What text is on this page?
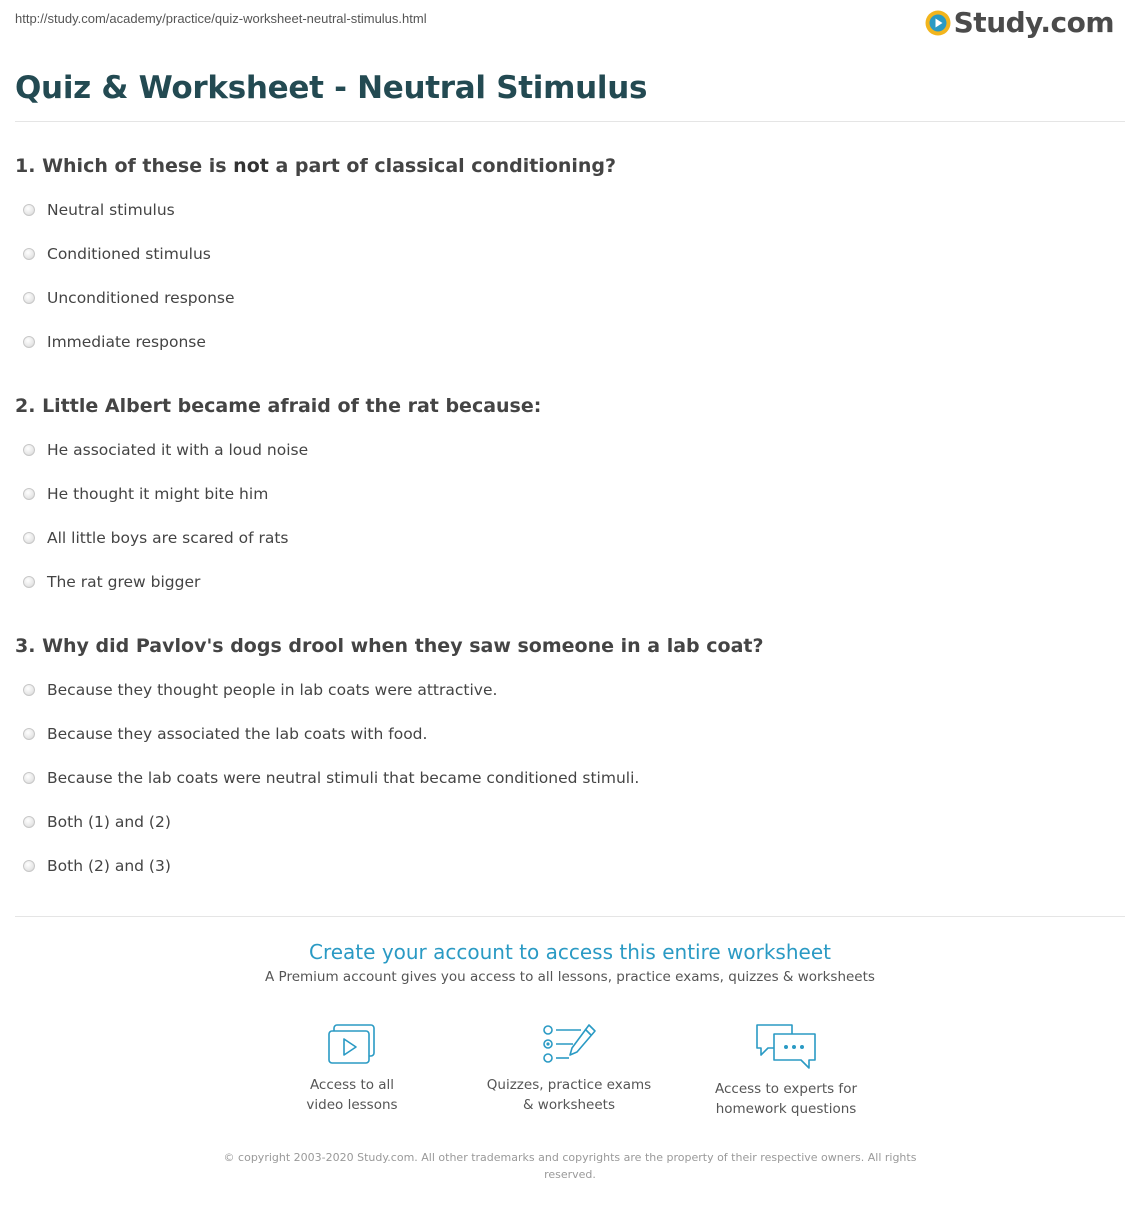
http://study.com/academy/practice/quiz-worksheet-neutral-stimulus.html	Study.com
Quiz & Worksheet - Neutral Stimulus
1. Which of these is not a part of classical conditioning?
Neutral stimulus
Conditioned stimulus
Unconditioned response
Immediate response
2. Little Albert became afraid of the rat because:
He associated it with a loud noise
He thought it might bite him
All little boys are scared of rats
The rat grew bigger
3. Why did Pavlov's dogs drool when they saw someone in a lab coat?
Because they thought people in lab coats were attractive.
Because they associated the lab coats with food.
Because the lab coats were neutral stimuli that became conditioned stimuli.
Both (1) and (2)
Both (2) and (3)
Create your account to access this entire worksheet
A Premium account gives you access to all lessons, practice exams, quizzes & worksheets
Access to all
video lessons
Quizzes, practice exams
& worksheets
Access to experts for
homework questions
© copyright 2003-2020 Study.com. All other trademarks and copyrights are the property of their respective owners. All rights reserved.
